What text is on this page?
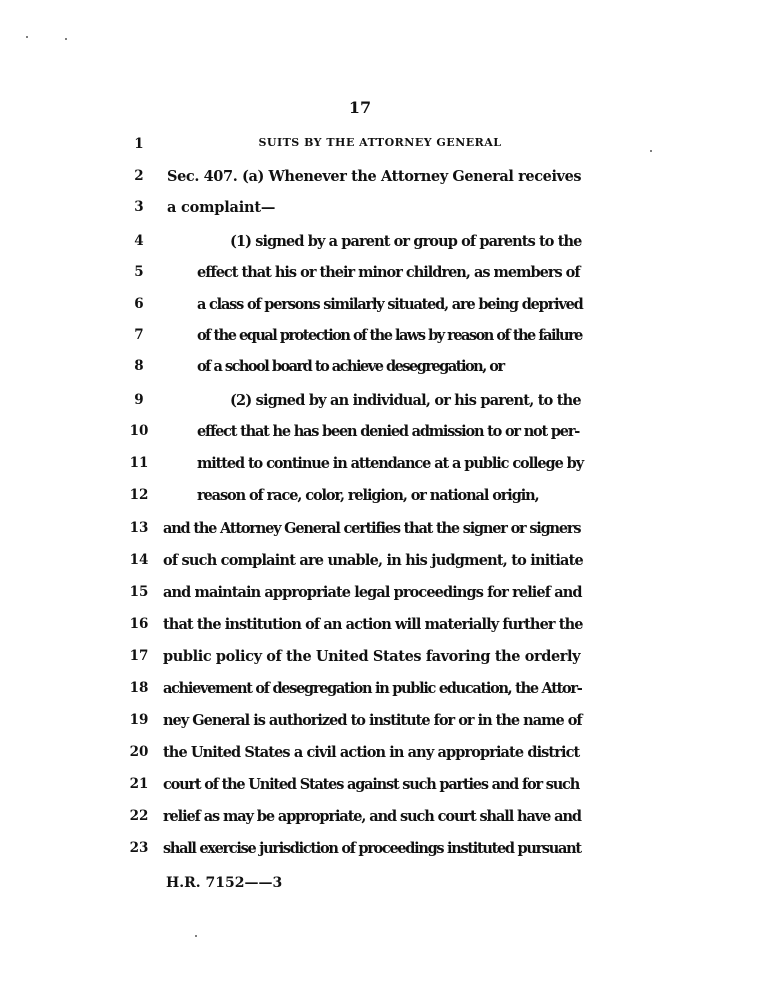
17
SUITS BY THE ATTORNEY GENERAL
1
2	Sec. 407. (a) Whenever the Attorney General receives
3	a complaint—
4	(1) signed by a parent or group of parents to the
5	effect that his or their minor children, as members of
6	a class of persons similarly situated, are being deprived
7	of the equal protection of the laws by reason of the failure
8	of a school board to achieve desegregation, or
9	(2) signed by an individual, or his parent, to the
10	effect that he has been denied admission to or not per-
11	mitted to continue in attendance at a public college by
12	reason of race, color, religion, or national origin,
13 and the Attorney General certifies that the signer or signers
14 of such complaint are unable, in his judgment, to initiate
15 and maintain appropriate legal proceedings for relief and
16 that the institution of an action will materially further the
17 public policy of the United States favoring the orderly
18 achievement of desegregation in public education, the Attor-
19 ney General is authorized to institute for or in the name of
20 the United States a civil action in any appropriate district
21 court of the United States against such parties and for such
22 relief as may be appropriate, and such court shall have and
23 shall exercise jurisdiction of proceedings instituted pursuant
H.R. 7152——3
